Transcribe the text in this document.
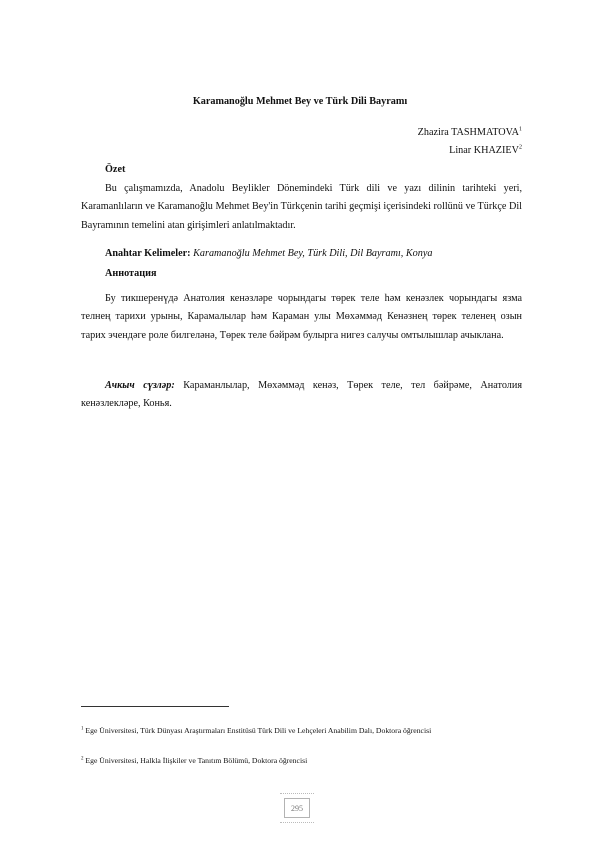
Karamanoğlu Mehmet Bey ve Türk Dili Bayramı
Zhazira TASHMATOVA$^1$
Linar KHAZIEV$^2$
Özet

Bu çalışmamızda, Anadolu Beylikler Dönemindeki Türk dili ve yazı dilinin tarihteki yeri, Karamanlıların ve Karamanoğlu Mehmet Bey'in Türkçenin tarihi geçmişi içerisindeki rollünü ve Türkçe Dil Bayramının temelini atan girişimleri anlatılmaktadır.

Anahtar Kelimeler: Karamanoğlu Mehmet Bey, Türk Dili, Dil Bayramı, Konya
Аннотация

Бу тикшеренүдә Анатолия кенәзләре чорындагы төрек теле һәм кенәзлек чорындагы язма телнең тарихи урыны, Карамалылар һәм Караман улы Мөхәммәд Кенәзнең төрек теленең озын тарих эчендәге роле билгеләнә, Төрек теле бәйрәм булырга нигез салучы омтылышлар ачыклана.

Ачкыч сүзләр: Караманлылар, Мөхәммәд кенәз, Төрек теле, тел бәйрәме, Анатолия кенәзлекләре, Конья.

$^1$ Ege Üniversitesi, Türk Dünyası Araştırmaları Enstitüsü Türk Dili ve Lehçeleri Anabilim Dalı, Doktora öğrencisi

$^2$ Ege Üniversitesi, Halkla İlişkiler ve Tanıtım Bölümü, Doktora öğrencisi

295
